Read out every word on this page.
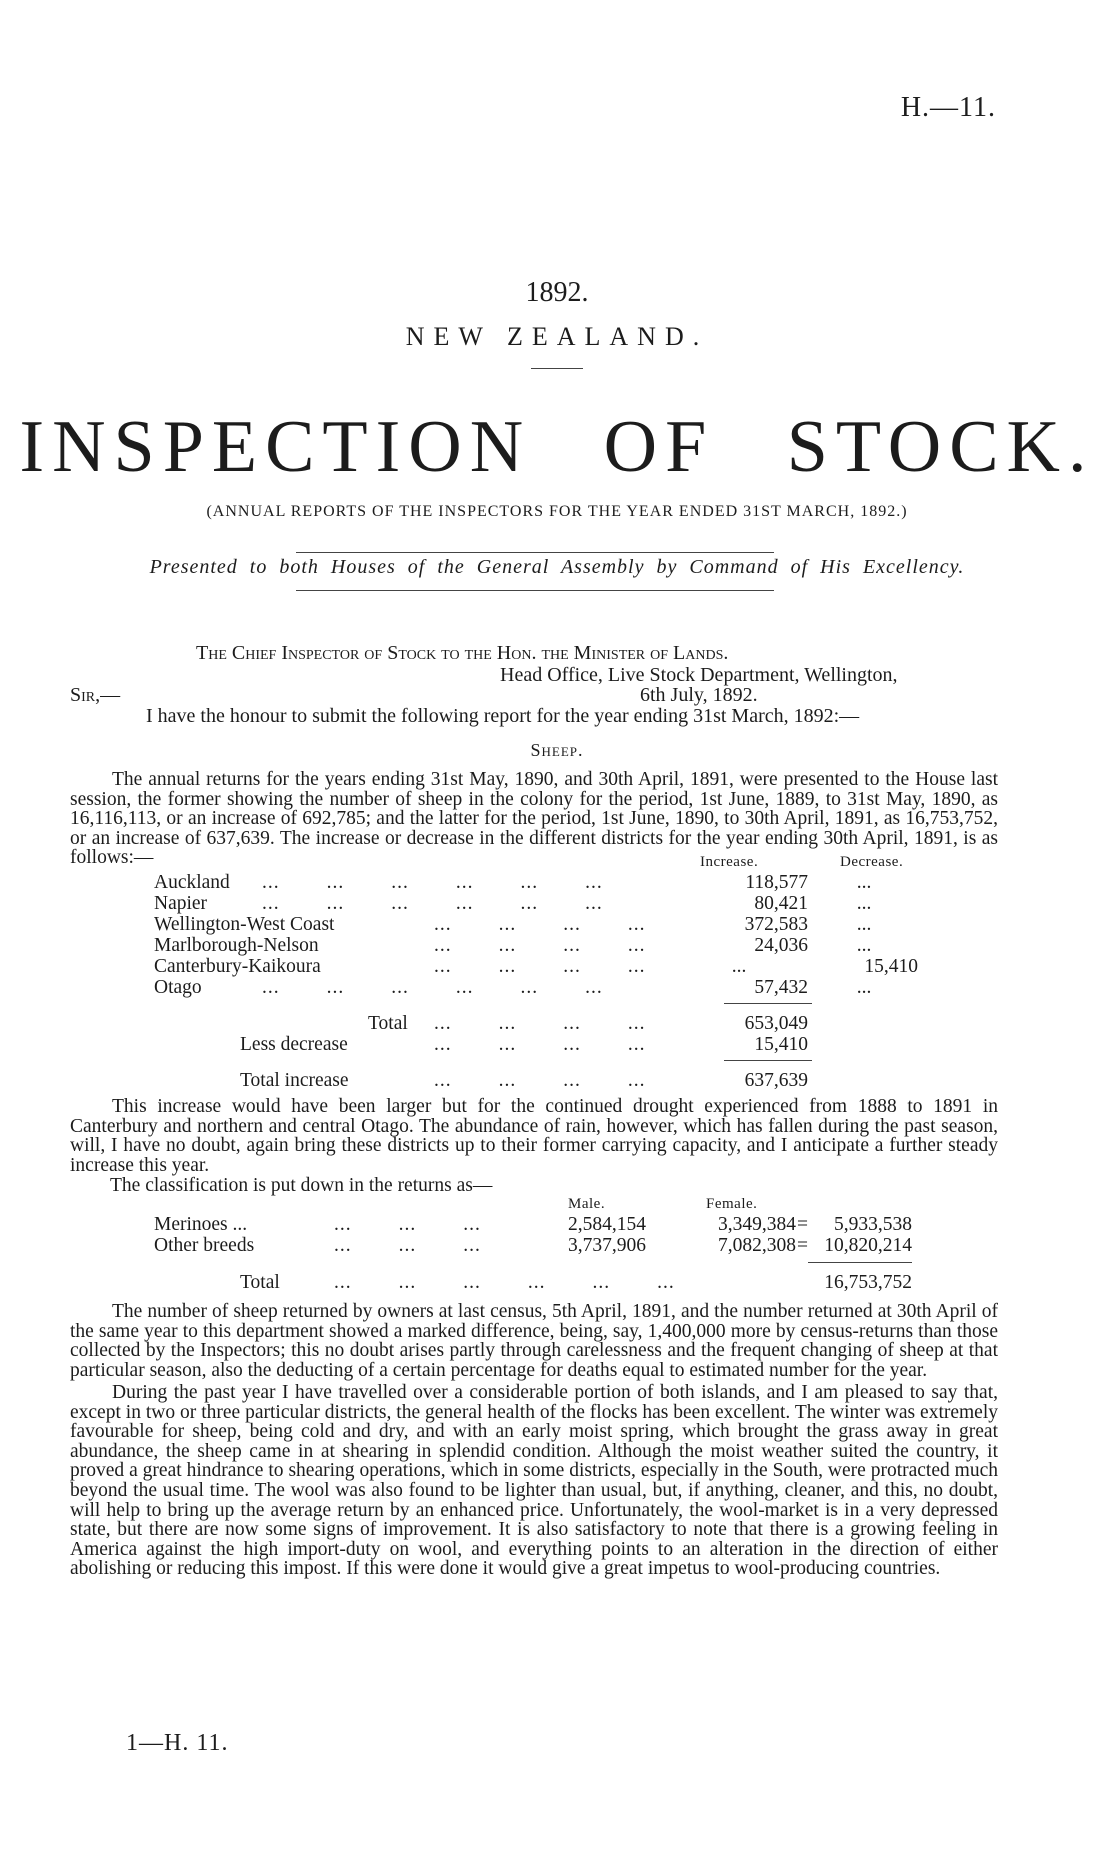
H.—11.
1892.
NEW ZEALAND.
INSPECTION OF STOCK.
(ANNUAL REPORTS OF THE INSPECTORS FOR THE YEAR ENDED 31ST MARCH, 1892.)
Presented to both Houses of the General Assembly by Command of His Excellency.
The Chief Inspector of Stock to the Hon. the Minister of Lands.
Head Office, Live Stock Department, Wellington,
Sir,—	6th July, 1892.
I have the honour to submit the following report for the year ending 31st March, 1892:—
Sheep.
The annual returns for the years ending 31st May, 1890, and 30th April, 1891, were presented to the House last session, the former showing the number of sheep in the colony for the period, 1st June, 1889, to 31st May, 1890, as 16,116,113, or an increase of 692,785; and the latter for the period, 1st June, 1890, to 30th April, 1891, as 16,753,752, or an increase of 637,639. The increase or decrease in the different districts for the year ending 30th April, 1891, is as follows:—	Increase.	Decrease.
Auckland ...        ...        ...        ...        ...        ...	118,577	...
Napier	...        ...        ...        ...        ...        ...	80,421	...
Wellington-West Coast	...        ...        ...        ...	372,583	...
Marlborough-Nelson	...        ...        ...        ...	24,036	...
Canterbury-Kaikoura	...        ...        ...        ...	...	15,410
Otago	...        ...        ...        ...        ...        ...	57,432	...
Total ...        ...        ...        ...	653,049
Less decrease	...        ...        ...        ...	15,410
Total increase	...        ...        ...        ...	637,639
This increase would have been larger but for the continued drought experienced from 1888 to 1891 in Canterbury and northern and central Otago. The abundance of rain, however, which has fallen during the past season, will, I have no doubt, again bring these districts up to their former carrying capacity, and I anticipate a further steady increase this year.
The classification is put down in the returns as—
Male.	Female.
Merinoes ...	...        ...        ...	2,584,154	3,349,384 =	5,933,538
Other breeds	...        ...        ...	3,737,906	7,082,308 = 10,820,214
Total	...        ...        ...        ...        ...        ...	16,753,752
The number of sheep returned by owners at last census, 5th April, 1891, and the number returned at 30th April of the same year to this department showed a marked difference, being, say, 1,400,000 more by census-returns than those collected by the Inspectors; this no doubt arises partly through carelessness and the frequent changing of sheep at that particular season, also the deducting of a certain percentage for deaths equal to estimated number for the year.
During the past year I have travelled over a considerable portion of both islands, and I am pleased to say that, except in two or three particular districts, the general health of the flocks has been excellent. The winter was extremely favourable for sheep, being cold and dry, and with an early moist spring, which brought the grass away in great abundance, the sheep came in at shearing in splendid condition. Although the moist weather suited the country, it proved a great hindrance to shearing operations, which in some districts, especially in the South, were protracted much beyond the usual time. The wool was also found to be lighter than usual, but, if anything, cleaner, and this, no doubt, will help to bring up the average return by an enhanced price. Unfortunately, the wool-market is in a very depressed state, but there are now some signs of improvement. It is also satisfactory to note that there is a growing feeling in America against the high import-duty on wool, and everything points to an alteration in the direction of either abolishing or reducing this impost. If this were done it would give a great impetus to wool-producing countries.
1—H. 11.
